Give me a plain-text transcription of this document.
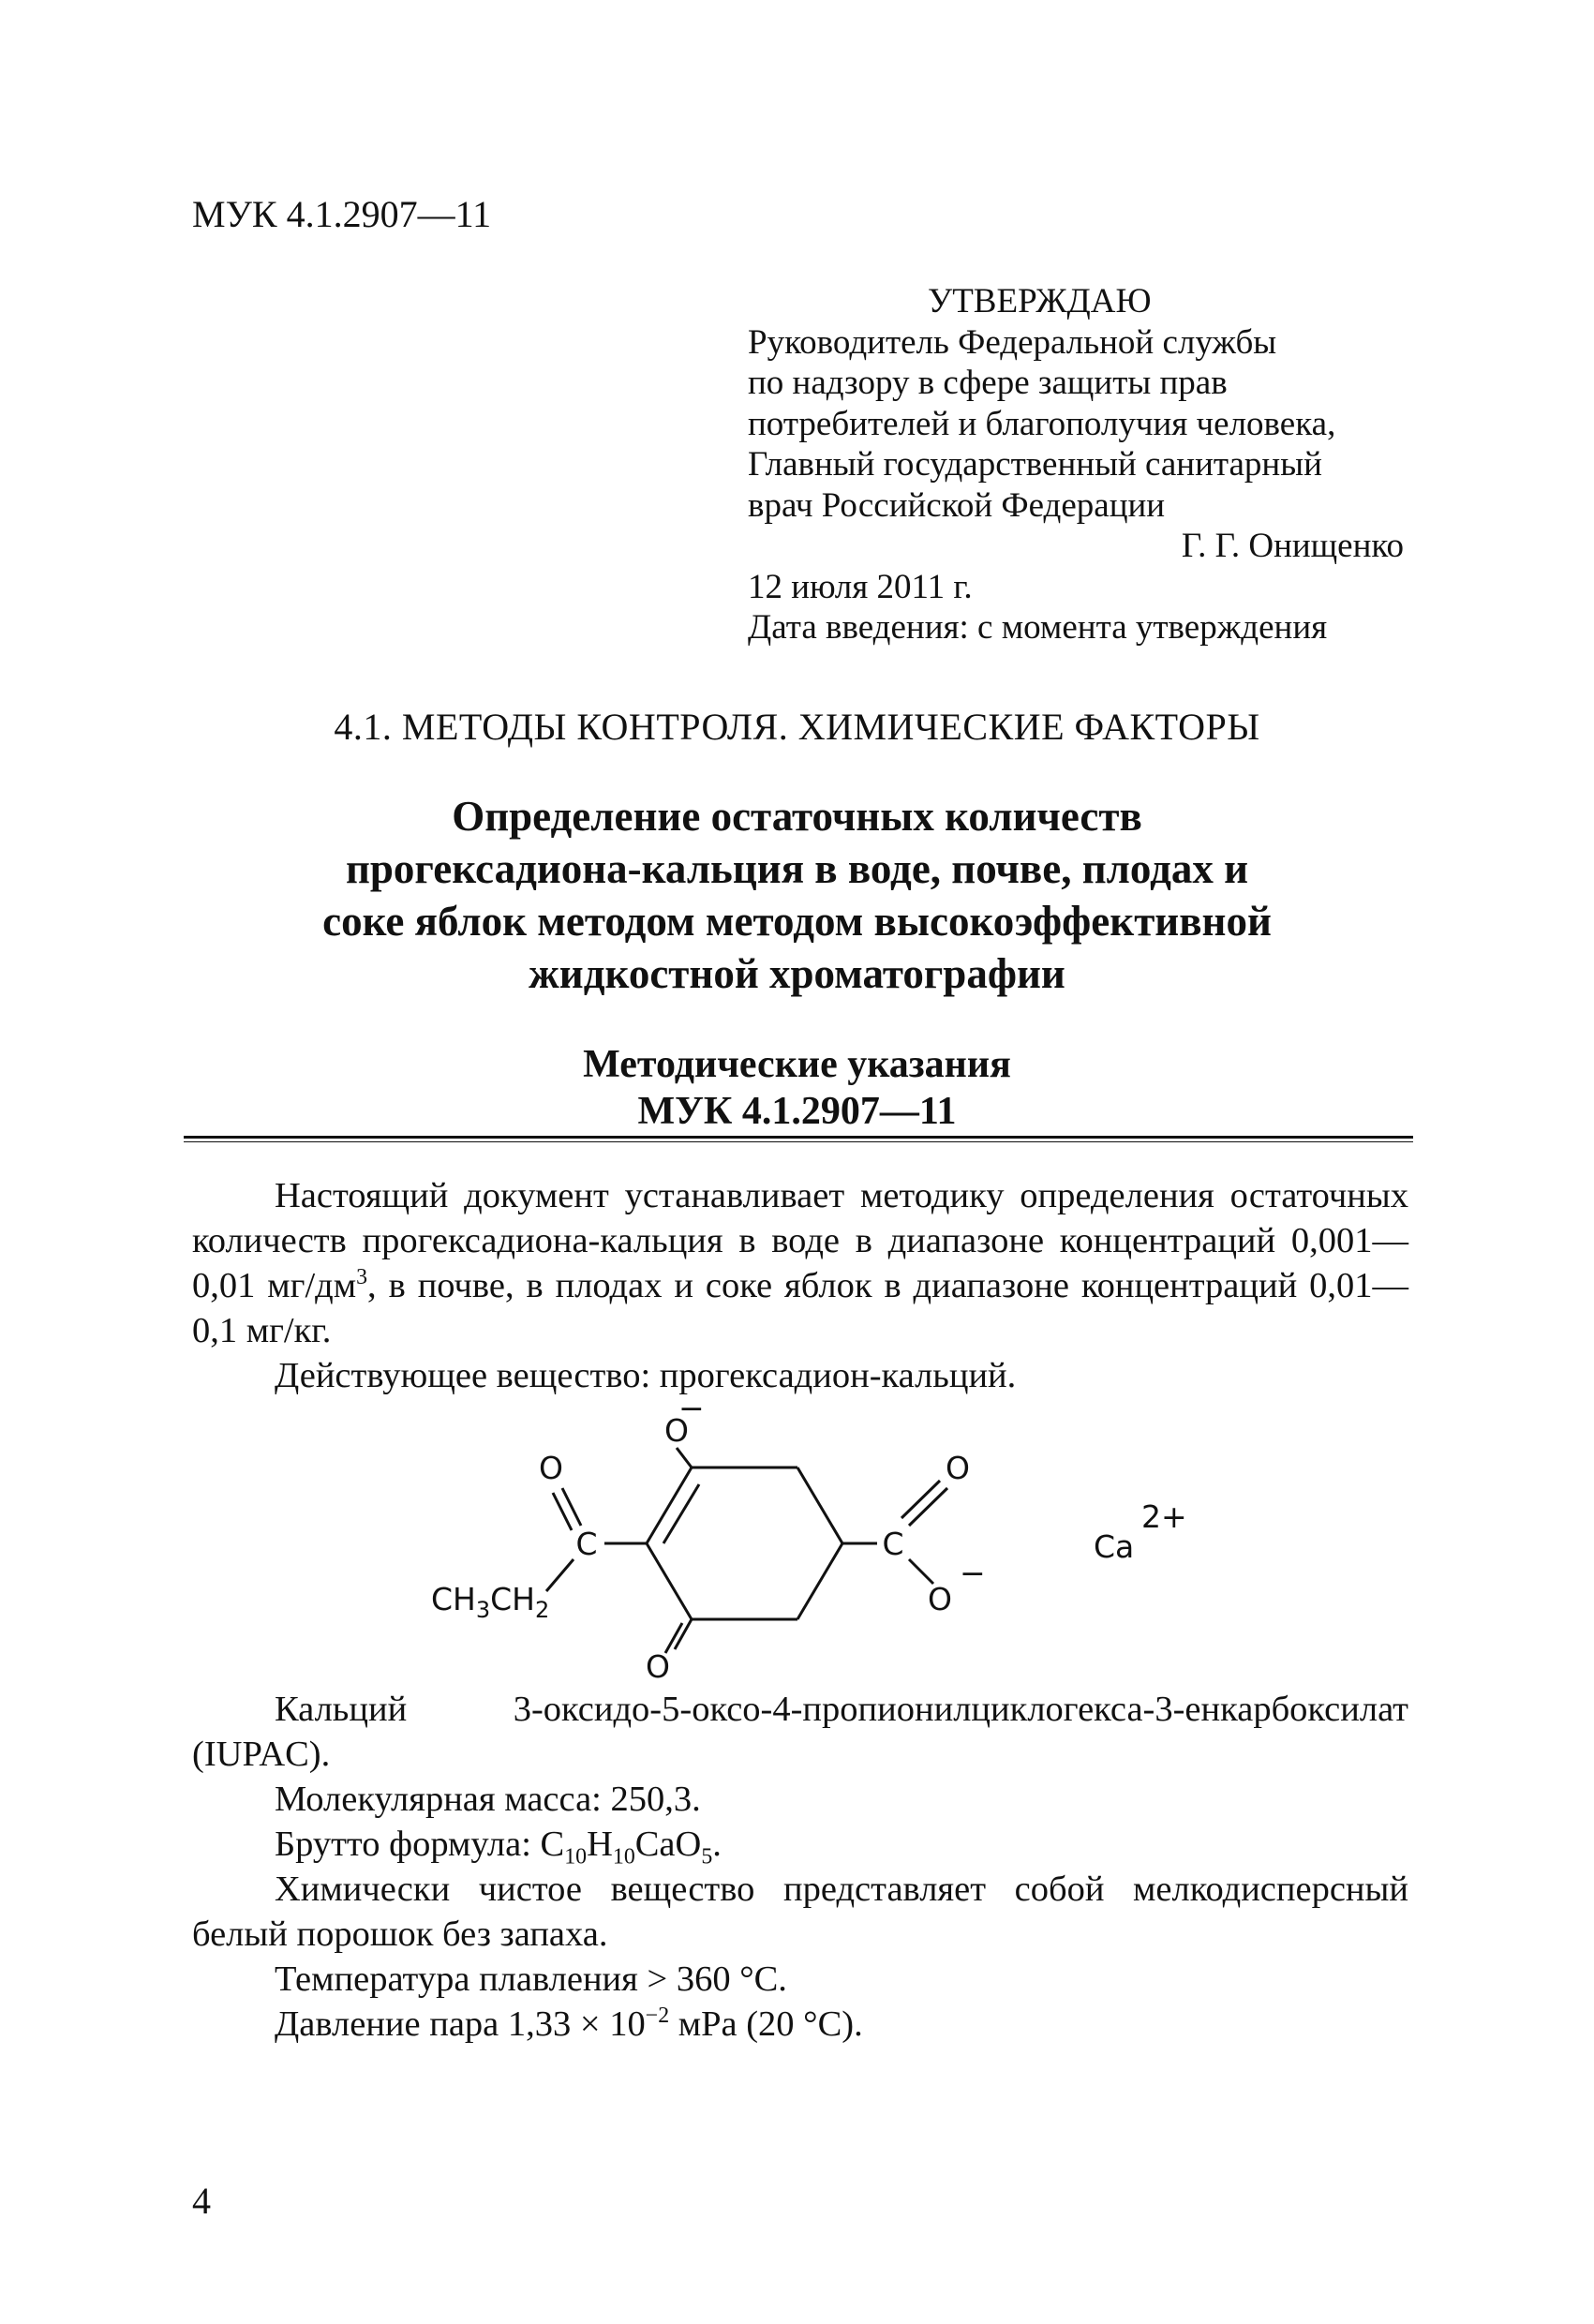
МУК 4.1.2907—11
УТВЕРЖДАЮ
Руководитель Федеральной службы
по надзору в сфере защиты прав
потребителей и благополучия человека,
Главный государственный санитарный
врач Российской Федерации
Г. Г. Онищенко
12 июля 2011 г.
Дата введения: с момента утверждения
4.1. МЕТОДЫ КОНТРОЛЯ. ХИМИЧЕСКИЕ ФАКТОРЫ
Определение остаточных количеств
прогексадиона-кальция в воде, почве, плодах и
соке яблок методом методом высокоэффективной
жидкостной хроматографии
Методические указания
МУК 4.1.2907—11

Настоящий документ устанавливает методику определения остаточных количеств прогексадиона-кальция в воде в диапазоне концентраций 0,001—0,01 $мг/дм^3$, в почве, в плодах и соке яблок в диапазоне концентраций 0,01—0,1 мг/кг.

Действующее вещество: прогексадион-кальций.

O
−
O
C
$CH_3CH_2$
O
C
O
O
−
Ca
2+

Кальций 3-оксидо-5-оксо-4-пропионилциклогекса-3-енкарбоксилат (IUPAC).

Молекулярная масса: 250,3.

Брутто формула: $C_{10}H_{10}CaO_5$.

Химически чистое вещество представляет собой мелкодисперсный белый порошок без запаха.

Температура плавления > 360 °C.

Давление пара $1,33 \times 10^{-2}$ мPa (20 °С).

4
